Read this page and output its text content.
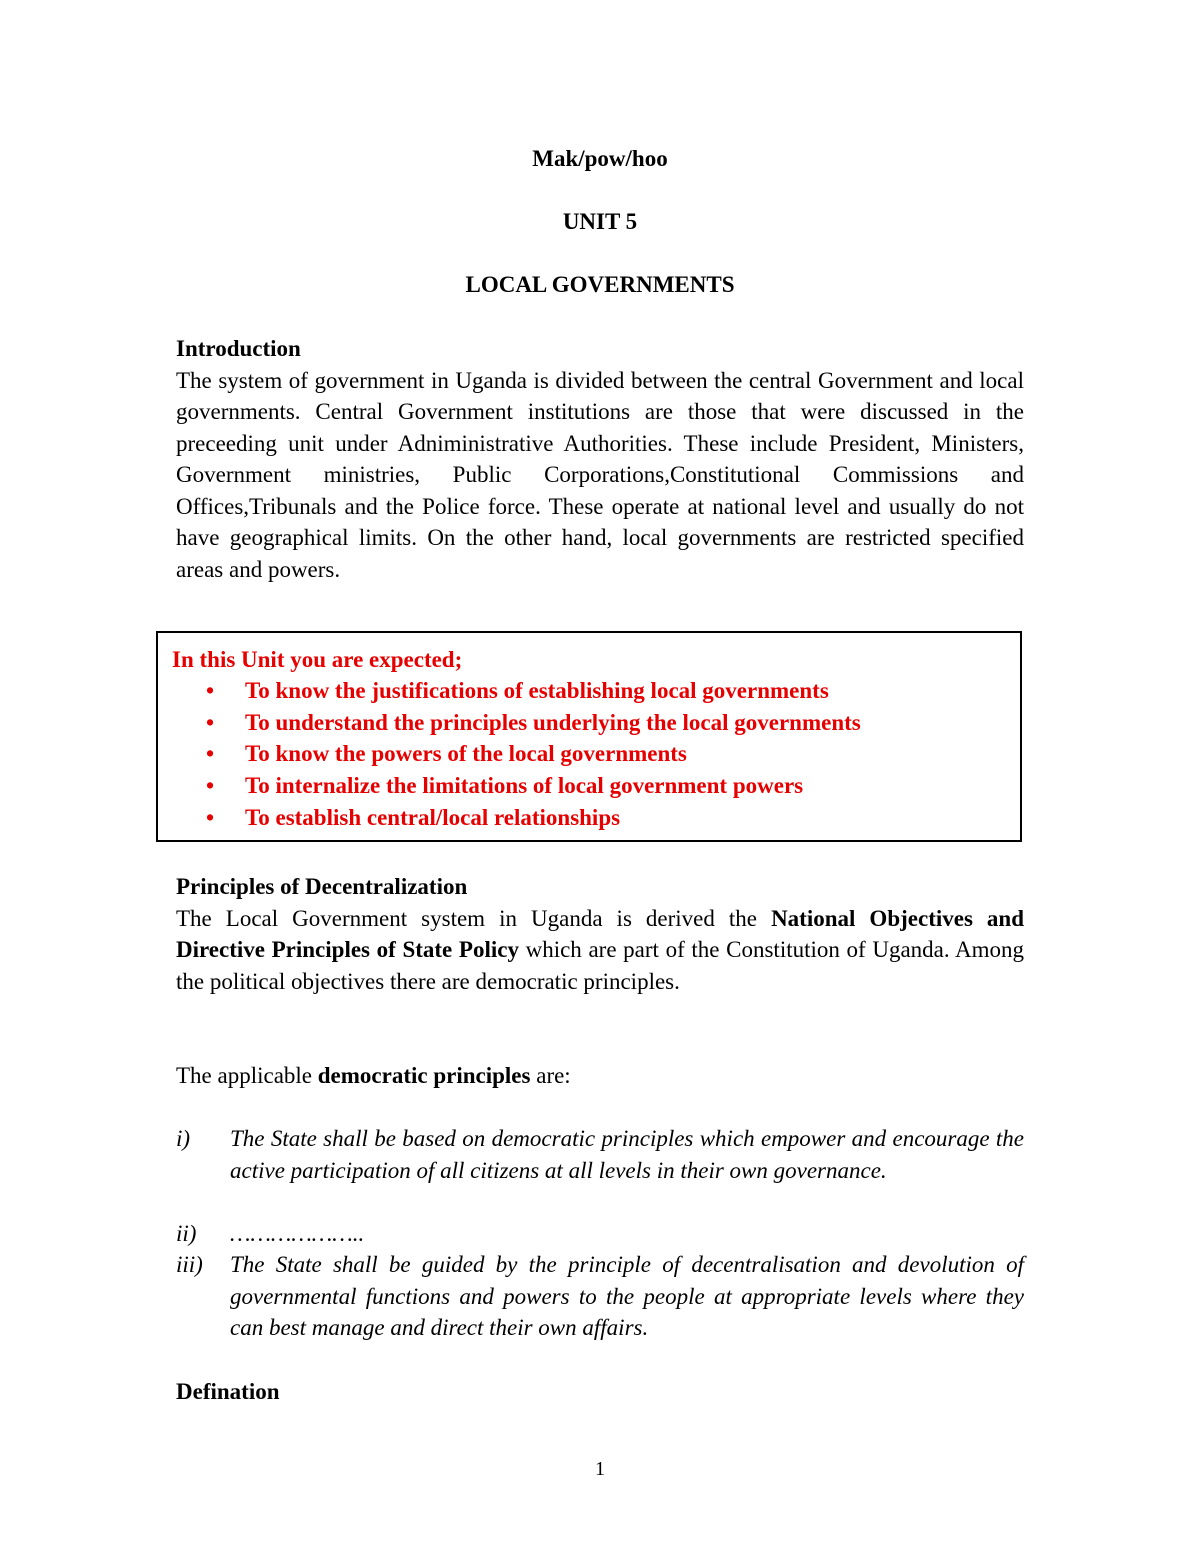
Mak/pow/hoo
UNIT 5
LOCAL GOVERNMENTS
Introduction
The system of government in Uganda is divided between the central Government and local governments. Central Government institutions are those that were discussed in the preceeding unit under Adniministrative Authorities. These include President, Ministers, Government ministries, Public Corporations,Constitutional Commissions and Offices,Tribunals and the Police force. These operate at national level and usually do not have geographical limits. On the other hand, local governments are restricted specified areas and powers.
In this Unit you are expected;
• To know the justifications of establishing local governments
• To understand the principles underlying the local governments
• To know the powers of the local governments
• To internalize the limitations of local government powers
• To establish central/local relationships
Principles of Decentralization
The Local Government system in Uganda is derived the National Objectives and Directive Principles of State Policy which are part of the Constitution of Uganda. Among the political objectives there are democratic principles.
The applicable democratic principles are:
i) The State shall be based on democratic principles which empower and encourage the active participation of all citizens at all levels in their own governance.
ii) ………………..
iii) The State shall be guided by the principle of decentralisation and devolution of governmental functions and powers to the people at appropriate levels where they can best manage and direct their own affairs.
Defination
1
